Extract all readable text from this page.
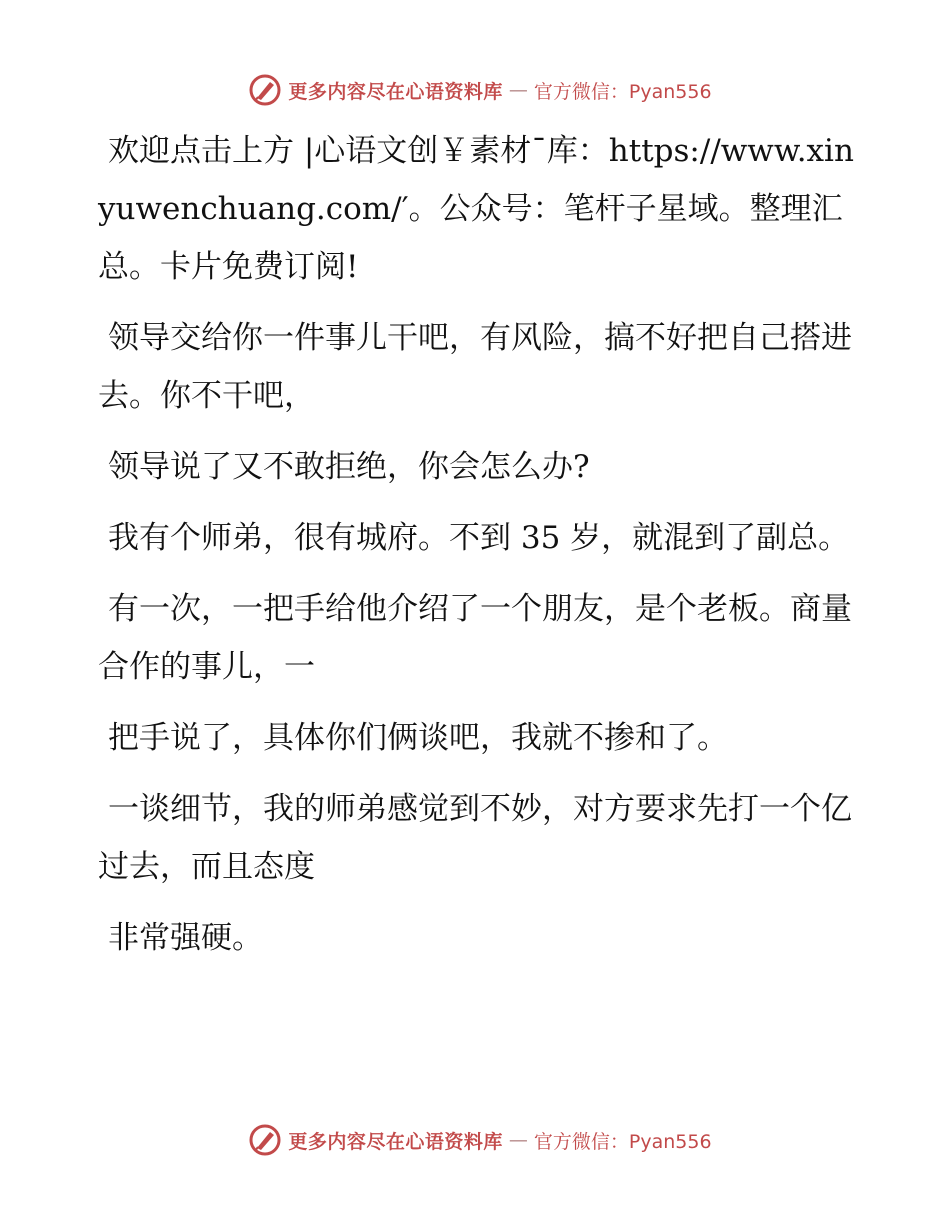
更多内容尽在心语资料库 — 官方微信：Pyan556

欢迎点击上方 |心语文创￥素材¯库：https://www.xinyuwenchuang.com/′。公众号：笔杆子星域。整理汇总。卡片免费订阅!

领导交给你一件事儿干吧，有风险，搞不好把自己搭进去。你不干吧，

领导说了又不敢拒绝，你会怎么办?

我有个师弟，很有城府。不到 35 岁，就混到了副总。

有一次，一把手给他介绍了一个朋友，是个老板。商量合作的事儿，一

把手说了，具体你们俩谈吧，我就不掺和了。

一谈细节，我的师弟感觉到不妙，对方要求先打一个亿过去，而且态度

非常强硬。

更多内容尽在心语资料库 — 官方微信：Pyan556
